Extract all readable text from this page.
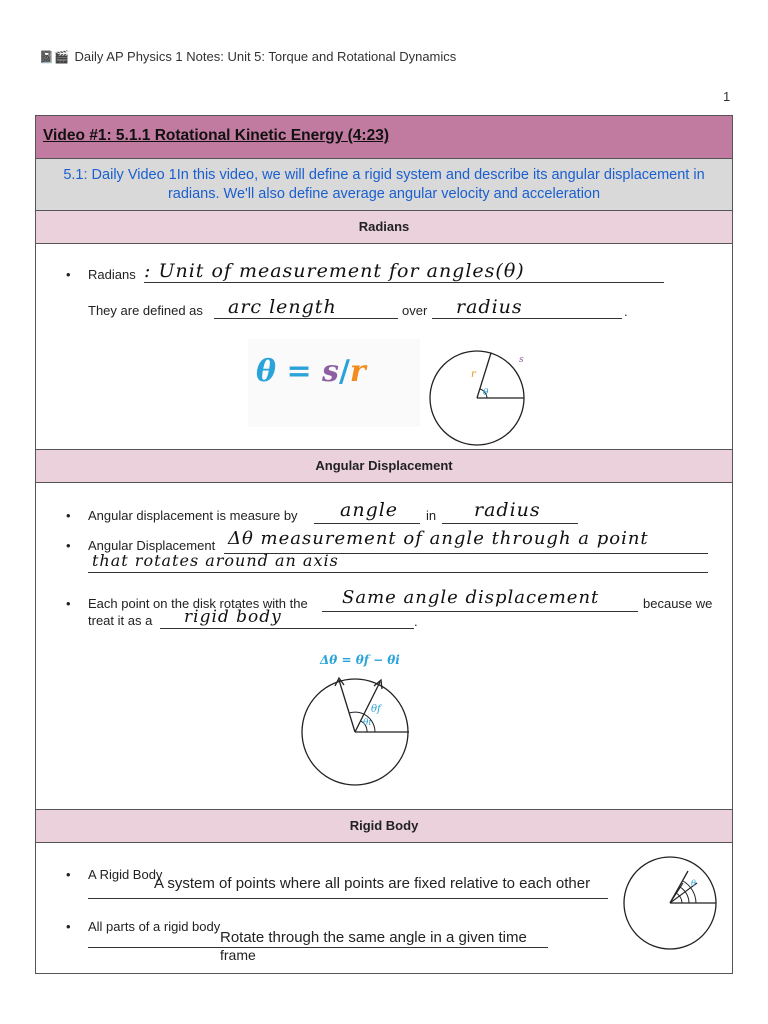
📓🎬 Daily AP Physics 1 Notes: Unit 5: Torque and Rotational Dynamics
1
Video #1: 5.1.1 Rotational Kinetic Energy (4:23)
5.1: Daily Video 1In this video, we will define a rigid system and describe its angular displacement in radians. We'll also define average angular velocity and acceleration
Radians
• Radians : Unit of measurement for angles(θ)
They are defined as arc length	over radius	.
θ = s/r	r
s
θ
Angular Displacement
• Angular displacement is measure by angle in radius
• Angular Displacement Δθ measurement of angle through a point
that rotates around an axis
• Each point on the disk rotates with the Same angle displacement	because we
treat it as a rigid body	.
Δθ = θf − θi
θf
θi
Rigid Body
• A Rigid Body
A system of points where all points are fixed relative to each other
• All parts of a rigid body
Rotate through the same angle in a given time
frame
θ
